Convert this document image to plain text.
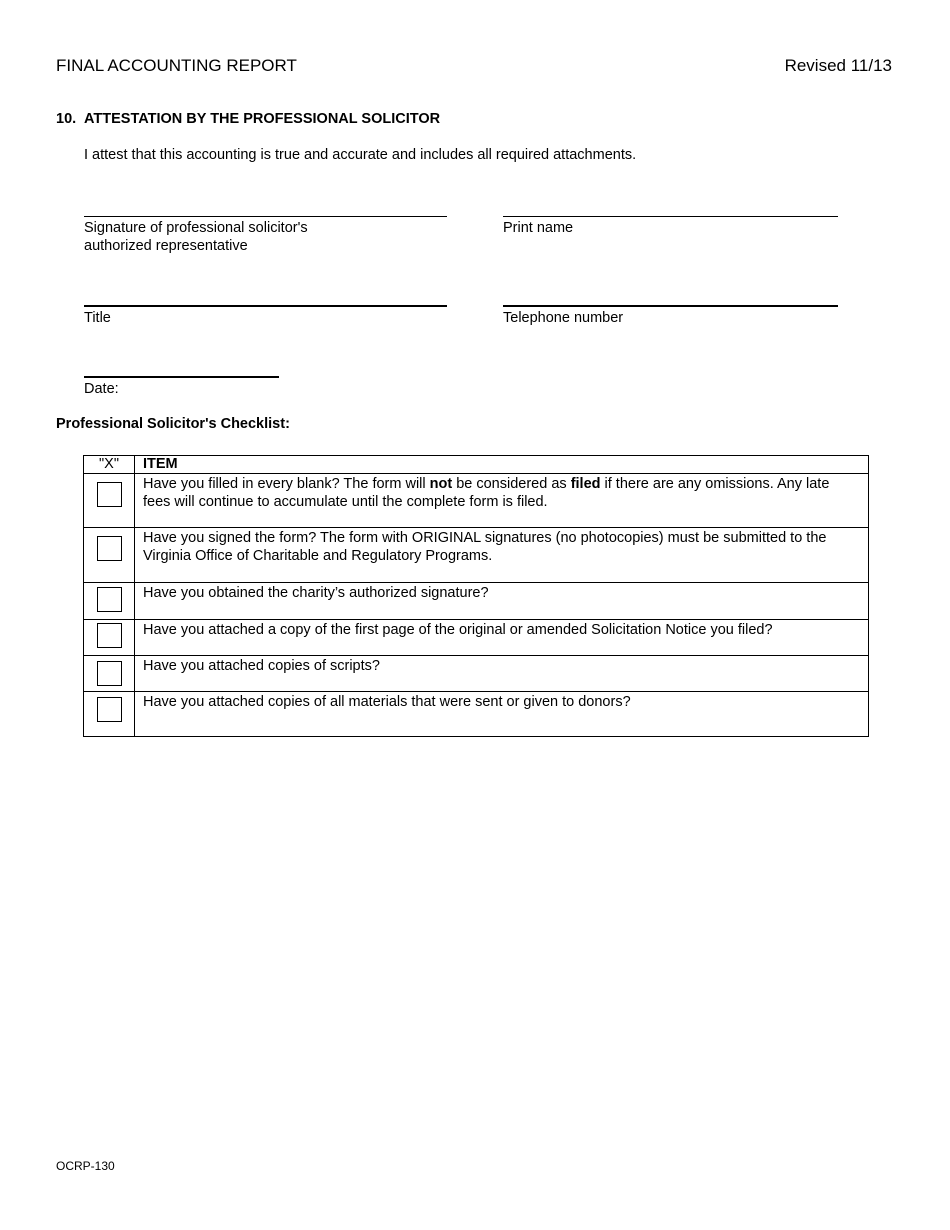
FINAL ACCOUNTING REPORT	Revised 11/13
10. ATTESTATION BY THE PROFESSIONAL SOLICITOR
I attest that this accounting is true and accurate and includes all required attachments.
Signature of professional solicitor's
authorized representative
Print name
Title	Telephone number
Date:
Professional Solicitor's Checklist:
"X"	ITEM

	Have you filled in every blank? The form will not be considered as filed if there are any omissions. Any late fees will continue to accumulate until the complete form is filed.

	Have you signed the form? The form with ORIGINAL signatures (no photocopies) must be submitted to the Virginia Office of Charitable and Regulatory Programs.

	Have you obtained the charity’s authorized signature?

	Have you attached a copy of the first page of the original or amended Solicitation Notice you filed?

	Have you attached copies of scripts?

	Have you attached copies of all materials that were sent or given to donors?
OCRP-130
